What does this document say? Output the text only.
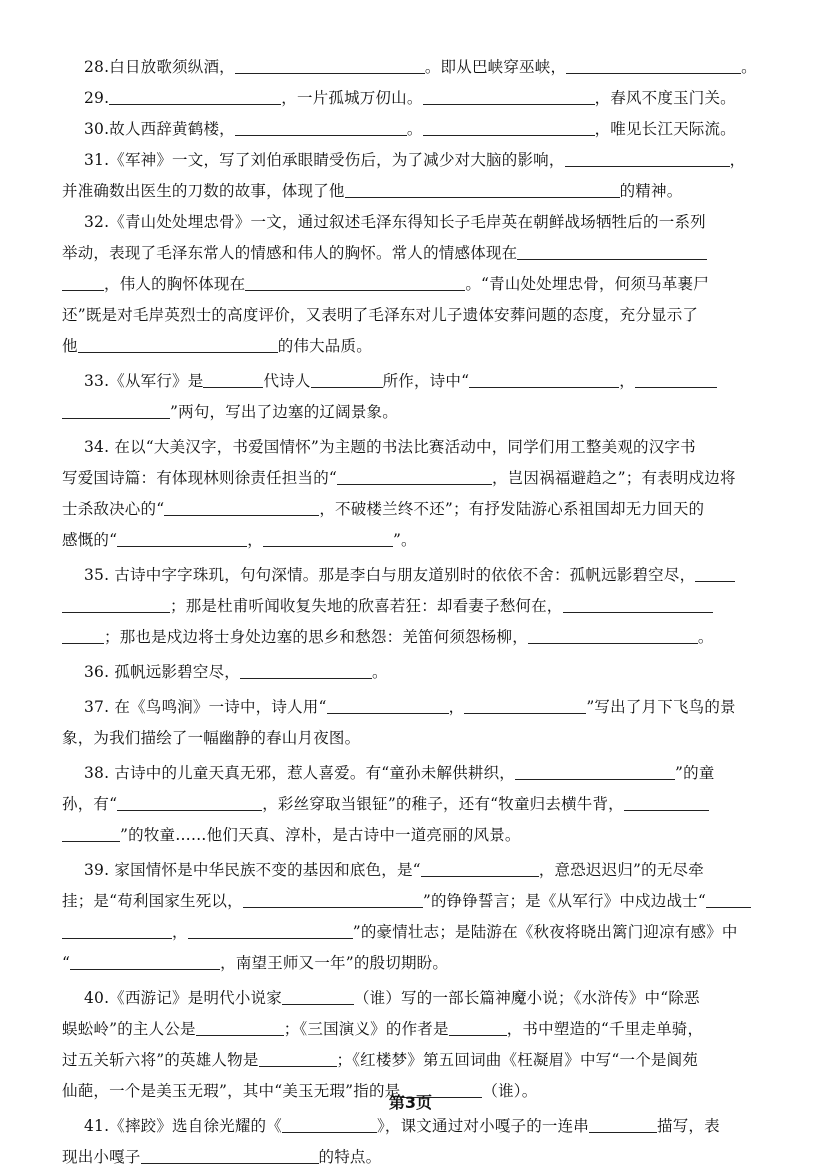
28.白日放歌须纵酒，	。即从巴峡穿巫峡，	。
29.	，一片孤城万仞山。	，春风不度玉门关。
30.故人西辞黄鹤楼，	。	，唯见长江天际流。
31.《军神》一文，写了刘伯承眼睛受伤后，为了减少对大脑的影响，	，
并准确数出医生的刀数的故事，体现了他	的精神。
32.《青山处处埋忠骨》一文，通过叙述毛泽东得知长子毛岸英在朝鲜战场牺牲后的一系列
举动，表现了毛泽东常人的情感和伟人的胸怀。常人的情感体现在
，伟人的胸怀体现在	。“青山处处埋忠骨，何须马革裹尸
还”既是对毛岸英烈士的高度评价，又表明了毛泽东对儿子遗体安葬问题的态度，充分显示了
他	的伟大品质。
33.《从军行》是	代诗人	所作，诗中“	，
”两句，写出了边塞的辽阔景象。
34. 在以“大美汉字，书爱国情怀”为主题的书法比赛活动中，同学们用工整美观的汉字书
写爱国诗篇：有体现林则徐责任担当的“	，岂因祸福避趋之”；有表明戍边将
士杀敌决心的“	，不破楼兰终不还”；有抒发陆游心系祖国却无力回天的
感慨的“	，	”。
35. 古诗中字字珠玑，句句深情。那是李白与朋友道别时的依依不舍：孤帆远影碧空尽，
；那是杜甫听闻收复失地的欣喜若狂：却看妻子愁何在，
；那也是戍边将士身处边塞的思乡和愁怨：羌笛何须怨杨柳，	。
36. 孤帆远影碧空尽，	。
37. 在《鸟鸣涧》一诗中，诗人用“	，	”写出了月下飞鸟的景
象，为我们描绘了一幅幽静的春山月夜图。
38. 古诗中的儿童天真无邪，惹人喜爱。有“童孙未解供耕织，	”的童
孙，有“	，彩丝穿取当银钲”的稚子，还有“牧童归去横牛背，
”的牧童……他们天真、淳朴，是古诗中一道亮丽的风景。
39. 家国情怀是中华民族不变的基因和底色，是“	，意恐迟迟归”的无尽牵
挂；是“苟利国家生死以，	”的铮铮誓言；是《从军行》中戍边战士“
，	”的豪情壮志；是陆游在《秋夜将晓出篱门迎凉有感》中
“	，南望王师又一年”的殷切期盼。
40.《西游记》是明代小说家	（谁）写的一部长篇神魔小说；《水浒传》中“除恶
蜈蚣岭”的主人公是	；《三国演义》的作者是	，书中塑造的“千里走单骑，
过五关斩六将”的英雄人物是	；《红楼梦》第五回词曲《枉凝眉》中写“一个是阆苑
仙葩，一个是美玉无瑕”，其中“美玉无瑕”指的是	（谁）。
41.《摔跤》选自徐光耀的《	》，课文通过对小嘎子的一连串	描写，表
现出小嘎子	的特点。
第3页
